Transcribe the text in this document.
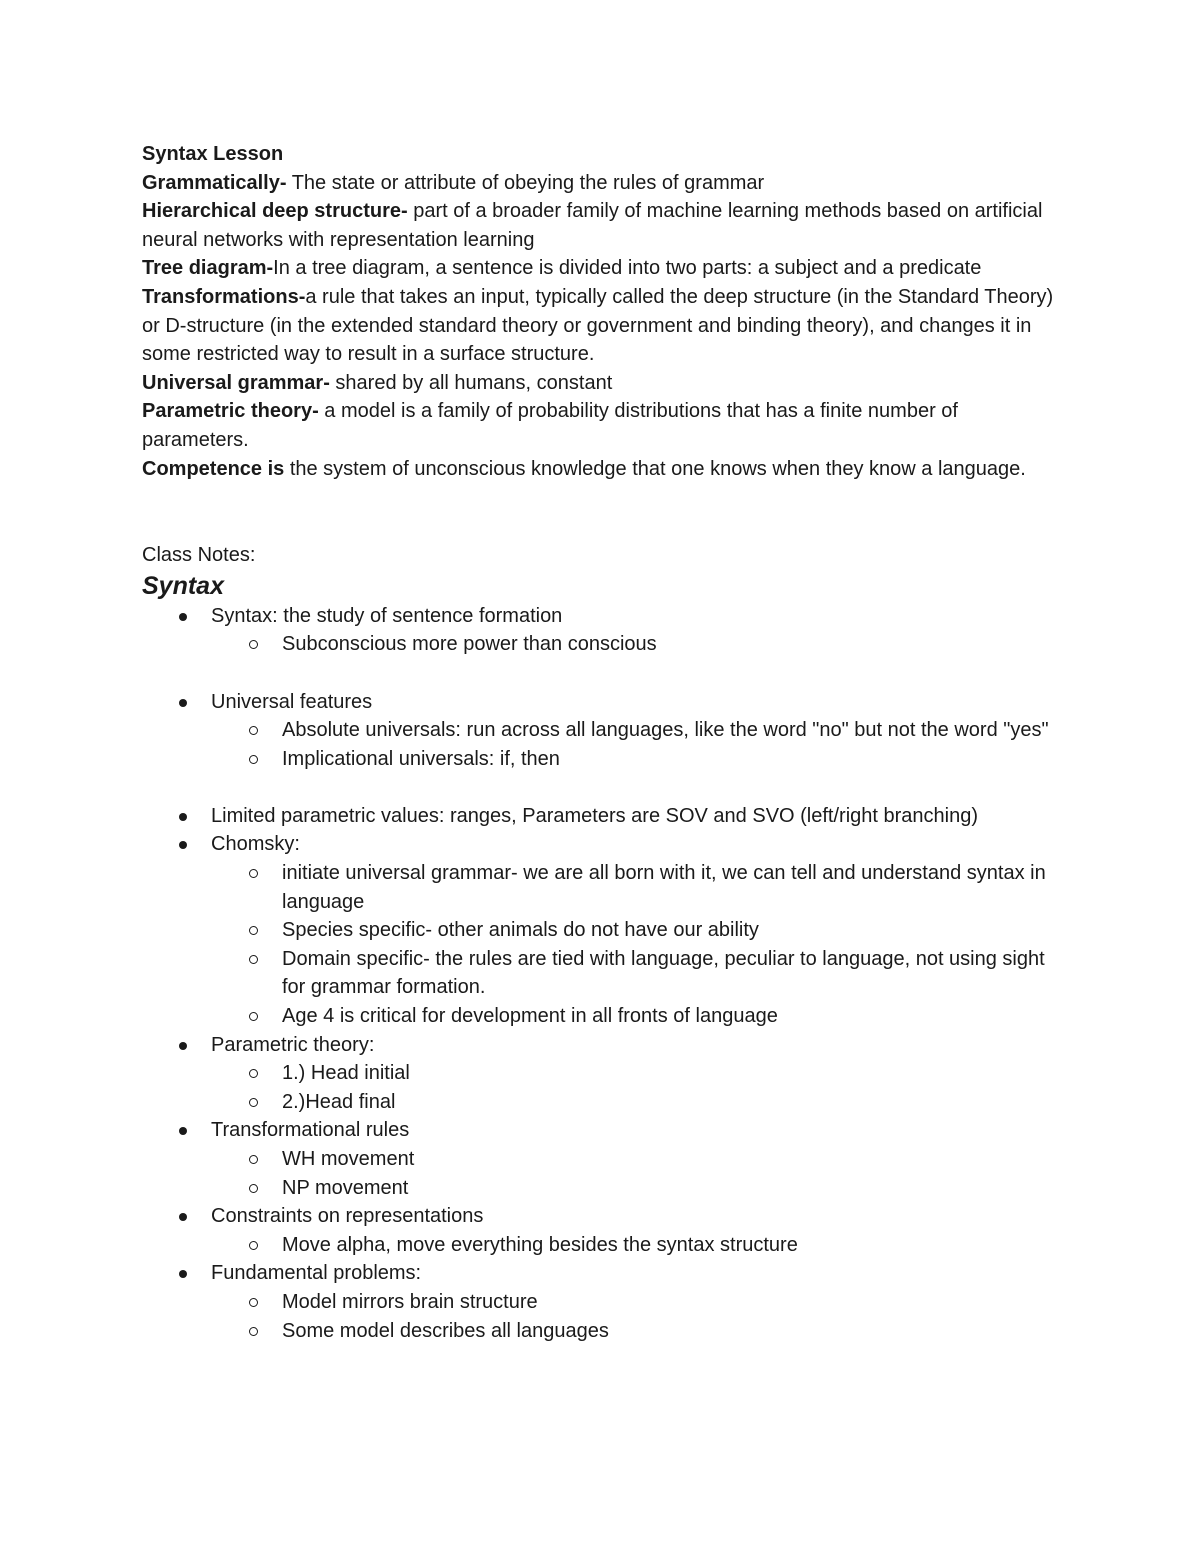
Syntax Lesson

Grammatically- The state or attribute of obeying the rules of grammar

Hierarchical deep structure- part of a broader family of machine learning methods based on artificial neural networks with representation learning

Tree diagram-In a tree diagram, a sentence is divided into two parts: a subject and a predicate

Transformations-a rule that takes an input, typically called the deep structure (in the Standard Theory) or D-structure (in the extended standard theory or government and binding theory), and changes it in some restricted way to result in a surface structure.

Universal grammar- shared by all humans, constant

Parametric theory- a model is a family of probability distributions that has a finite number of parameters.

Competence is the system of unconscious knowledge that one knows when they know a language.

Class Notes:

Syntax

Syntax: the study of sentence formation
Subconscious more power than conscious
Universal features
Absolute universals: run across all languages, like the word "no" but not the word "yes"
Implicational universals: if, then
Limited parametric values: ranges, Parameters are SOV and SVO (left/right branching)
Chomsky:
initiate universal grammar- we are all born with it, we can tell and understand syntax in language
Species specific- other animals do not have our ability
Domain specific- the rules are tied with language, peculiar to language, not using sight for grammar formation.
Age 4 is critical for development in all fronts of language
Parametric theory:
1.) Head initial
2.)Head final
Transformational rules
WH movement
NP movement
Constraints on representations
Move alpha, move everything besides the syntax structure
Fundamental problems:
Model mirrors brain structure
Some model describes all languages
